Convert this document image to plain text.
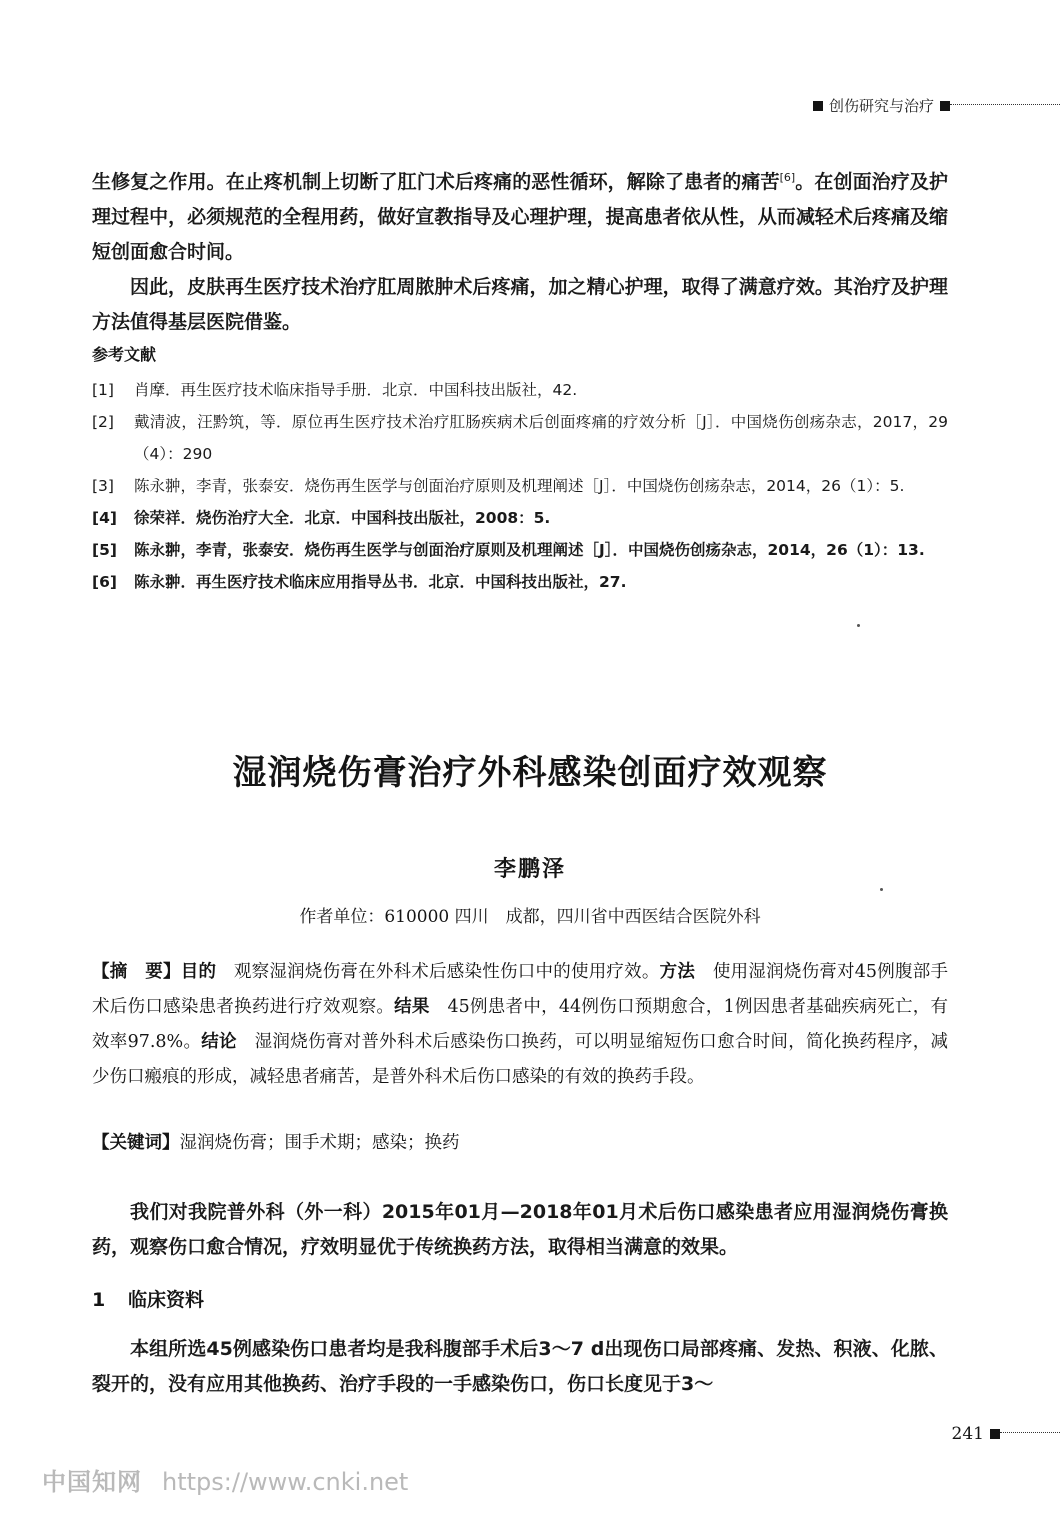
创伤研究与治疗

生修复之作用。在止疼机制上切断了肛门术后疼痛的恶性循环，解除了患者的痛苦[6]。在创面治疗及护理过程中，必须规范的全程用药，做好宣教指导及心理护理，提高患者依从性，从而减轻术后疼痛及缩短创面愈合时间。

因此，皮肤再生医疗技术治疗肛周脓肿术后疼痛，加之精心护理，取得了满意疗效。其治疗及护理方法值得基层医院借鉴。

参考文献
[1] 肖摩．再生医疗技术临床指导手册．北京．中国科技出版社，42.
[2] 戴清波，汪黔筑，等．原位再生医疗技术治疗肛肠疾病术后创面疼痛的疗效分析［J］．中国烧伤创疡杂志，2017，29（4）：290
[3] 陈永翀，李青，张泰安．烧伤再生医学与创面治疗原则及机理阐述［J］．中国烧伤创疡杂志，2014，26（1）：5.
[4] 徐荣祥．烧伤治疗大全．北京．中国科技出版社，2008：5.
[5] 陈永翀，李青，张泰安．烧伤再生医学与创面治疗原则及机理阐述［J］．中国烧伤创疡杂志，2014，26（1）：13.
[6] 陈永翀．再生医疗技术临床应用指导丛书．北京．中国科技出版社，27.
湿润烧伤膏治疗外科感染创面疗效观察
李鹏泽
作者单位：610000 四川　成都，四川省中西医结合医院外科

【摘　要】目的　观察湿润烧伤膏在外科术后感染性伤口中的使用疗效。方法　使用湿润烧伤膏对45例腹部手术后伤口感染患者换药进行疗效观察。结果　45例患者中，44例伤口预期愈合，1例因患者基础疾病死亡，有效率97.8%。结论　湿润烧伤膏对普外科术后感染伤口换药，可以明显缩短伤口愈合时间，简化换药程序，减少伤口瘢痕的形成，减轻患者痛苦，是普外科术后伤口感染的有效的换药手段。

【关键词】湿润烧伤膏；围手术期；感染；换药

我们对我院普外科（外一科）2015年01月—2018年01月术后伤口感染患者应用湿润烧伤膏换药，观察伤口愈合情况，疗效明显优于传统换药方法，取得相当满意的效果。

1 临床资料

本组所选45例感染伤口患者均是我科腹部手术后3～7 d出现伤口局部疼痛、发热、积液、化脓、裂开的，没有应用其他换药、治疗手段的一手感染伤口，伤口长度见于3～

241
中国知网 https://www.cnki.net
